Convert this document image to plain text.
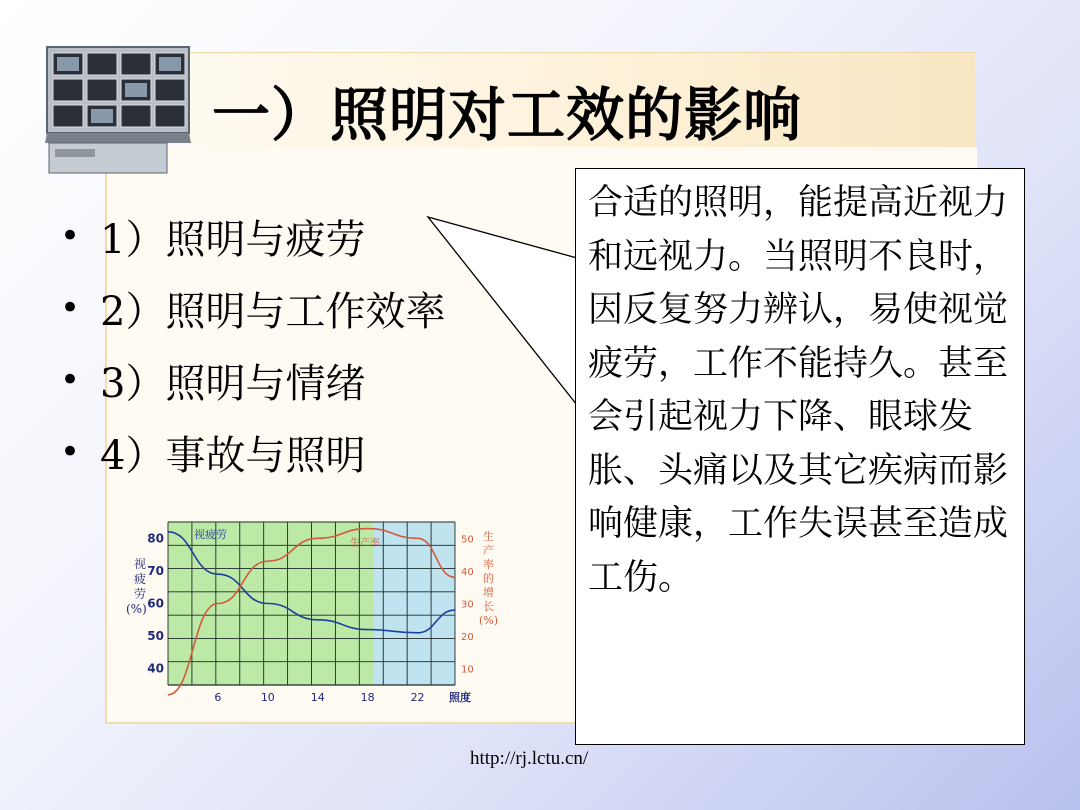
一）照明对工效的影响
• 1） 照明与疲劳
• 2） 照明与工作效率
• 3） 照明与情绪
• 4） 事故与照明
视疲劳
生产率
80
70
60
50
40
50
40
30
20
10
6	10	14	18	22 照度
视疲劳(%)
生产率的增长(%)
合适的照明，能提高近视力和远视力。当照明不良时，因反复努力辨认，易使视觉疲劳，工作不能持久。甚至会引起视力下降、眼球发胀、头痛以及其它疾病而影响健康，工作失误甚至造成工伤。
http://rj.lctu.cn/
